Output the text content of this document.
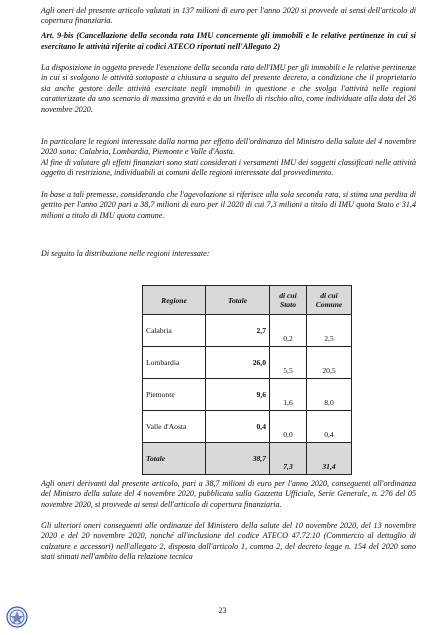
Agli oneri del presente articolo valutati in 137 milioni di euro per l'anno 2020 si provvede ai sensi dell'articolo di copertura finanziaria.

Art. 9-bis (Cancellazione della seconda rata IMU concernente gli immobili e le relative pertinenze in cui si esercitano le attività riferite ai codici ATECO riportati nell'Allegato 2)

La disposizione in oggetto prevede l'esenzione della seconda rata dell'IMU per gli immobili e le relative pertinenze in cui si svolgono le attività sottoposte a chiusura a seguito del presente decreto, a condizione che il proprietario sia anche gestore delle attività esercitate negli immobili in questione e che svolga l'attività nelle regioni caratterizzate da uno scenario di massima gravità e da un livello di rischio alto, come individuate alla data del 26 novembre 2020.

In particolare le regioni interessate dalla norma per effetto dell'ordinanza del Ministro della salute del 4 novembre 2020 sono: Calabria, Lombardia, Piemonte e Valle d'Aosta.

Al fine di valutare gli effetti finanziari sono stati considerati i versamenti IMU dei soggetti classificati nelle attività oggetto di restrizione, individuabili ai comuni delle regioni interessate dal provvedimento.

In base a tali premesse, considerando che l'agevolazione si riferisce alla sola seconda rata, si stima una perdita di gettito per l'anno 2020 pari a 38,7 milioni di euro per il 2020 di cui 7,3 milioni a titolo di IMU quota Stato e 31,4 milioni a titolo di IMU quota comune.

Di seguito la distribuzione nelle regioni interessate:

Regione	Totale	di cui Stato	di cui Comune
Calabria	2,7	0,2	2,5
Lombardia	26,0	5,5	20,5
Piemonte	9,6	1,6	8,0
Valle d'Aosta	0,4	0,0	0,4
Totale	38,7	7,3	31,4

Agli oneri derivanti dal presente articolo, pari a 38,7 milioni di euro per l'anno 2020, conseguenti all'ordinanza del Ministro della salute del 4 novembre 2020, pubblicata sulla Gazzetta Ufficiale, Serie Generale, n. 276 del 05 novembre 2020, si provvede ai sensi dell'articolo di copertura finanziaria.

Gli ulteriori oneri conseguenti alle ordinanze del Ministero della salute del 10 novembre 2020, del 13 novembre 2020 e del 20 novembre 2020, nonché all'inclusione del codice ATECO 47.72.10 (Commercio al dettaglio di calzature e accessori) nell'allegato 2, disposta dall'articolo 1, comma 2, del decreto legge n. 154 del 2020 sono stati stimati nell'ambito della relazione tecnica

23
